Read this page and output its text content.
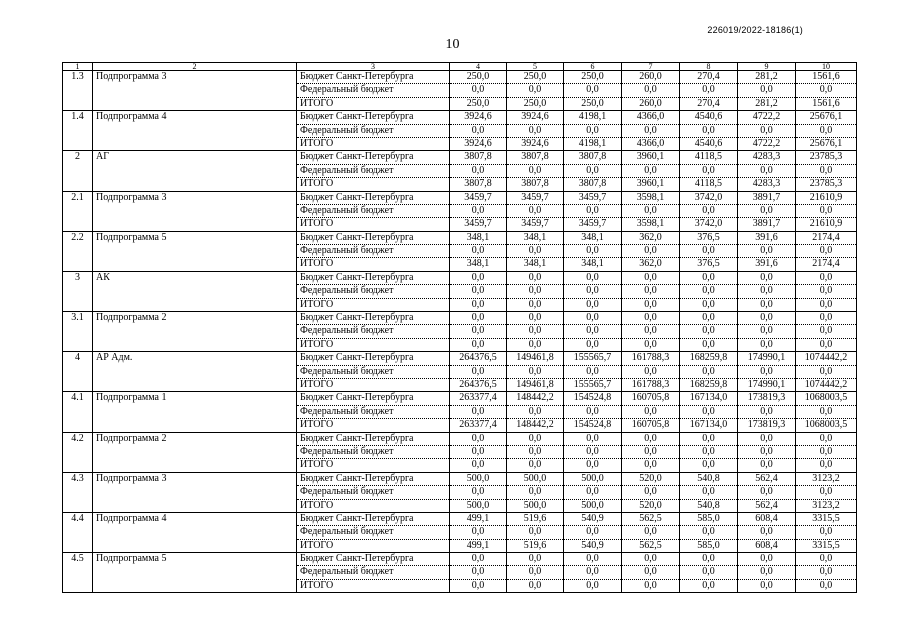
226019/2022-18186(1)
10
1	2	3	4	5	6	7	8	9	10
1.3	Подпрограмма 3	Бюджет Санкт-Петербурга	250,0	250,0	250,0	260,0	270,4	281,2	1561,6
		Федеральный бюджет	0,0	0,0	0,0	0,0	0,0	0,0	0,0
		ИТОГО	250,0	250,0	250,0	260,0	270,4	281,2	1561,6
1.4	Подпрограмма 4	Бюджет Санкт-Петербурга	3924,6	3924,6	4198,1	4366,0	4540,6	4722,2	25676,1
		Федеральный бюджет	0,0	0,0	0,0	0,0	0,0	0,0	0,0
		ИТОГО	3924,6	3924,6	4198,1	4366,0	4540,6	4722,2	25676,1
2	АГ	Бюджет Санкт-Петербурга	3807,8	3807,8	3807,8	3960,1	4118,5	4283,3	23785,3
		Федеральный бюджет	0,0	0,0	0,0	0,0	0,0	0,0	0,0
		ИТОГО	3807,8	3807,8	3807,8	3960,1	4118,5	4283,3	23785,3
2.1	Подпрограмма 3	Бюджет Санкт-Петербурга	3459,7	3459,7	3459,7	3598,1	3742,0	3891,7	21610,9
		Федеральный бюджет	0,0	0,0	0,0	0,0	0,0	0,0	0,0
		ИТОГО	3459,7	3459,7	3459,7	3598,1	3742,0	3891,7	21610,9
2.2	Подпрограмма 5	Бюджет Санкт-Петербурга	348,1	348,1	348,1	362,0	376,5	391,6	2174,4
		Федеральный бюджет	0,0	0,0	0,0	0,0	0,0	0,0	0,0
		ИТОГО	348,1	348,1	348,1	362,0	376,5	391,6	2174,4
3	АК	Бюджет Санкт-Петербурга	0,0	0,0	0,0	0,0	0,0	0,0	0,0
		Федеральный бюджет	0,0	0,0	0,0	0,0	0,0	0,0	0,0
		ИТОГО	0,0	0,0	0,0	0,0	0,0	0,0	0,0
3.1	Подпрограмма 2	Бюджет Санкт-Петербурга	0,0	0,0	0,0	0,0	0,0	0,0	0,0
		Федеральный бюджет	0,0	0,0	0,0	0,0	0,0	0,0	0,0
		ИТОГО	0,0	0,0	0,0	0,0	0,0	0,0	0,0
4	АР Адм.	Бюджет Санкт-Петербурга	264376,5	149461,8	155565,7	161788,3	168259,8	174990,1	1074442,2
		Федеральный бюджет	0,0	0,0	0,0	0,0	0,0	0,0	0,0
		ИТОГО	264376,5	149461,8	155565,7	161788,3	168259,8	174990,1	1074442,2
4.1	Подпрограмма 1	Бюджет Санкт-Петербурга	263377,4	148442,2	154524,8	160705,8	167134,0	173819,3	1068003,5
		Федеральный бюджет	0,0	0,0	0,0	0,0	0,0	0,0	0,0
		ИТОГО	263377,4	148442,2	154524,8	160705,8	167134,0	173819,3	1068003,5
4.2	Подпрограмма 2	Бюджет Санкт-Петербурга	0,0	0,0	0,0	0,0	0,0	0,0	0,0
		Федеральный бюджет	0,0	0,0	0,0	0,0	0,0	0,0	0,0
		ИТОГО	0,0	0,0	0,0	0,0	0,0	0,0	0,0
4.3	Подпрограмма 3	Бюджет Санкт-Петербурга	500,0	500,0	500,0	520,0	540,8	562,4	3123,2
		Федеральный бюджет	0,0	0,0	0,0	0,0	0,0	0,0	0,0
		ИТОГО	500,0	500,0	500,0	520,0	540,8	562,4	3123,2
4.4	Подпрограмма 4	Бюджет Санкт-Петербурга	499,1	519,6	540,9	562,5	585,0	608,4	3315,5
		Федеральный бюджет	0,0	0,0	0,0	0,0	0,0	0,0	0,0
		ИТОГО	499,1	519,6	540,9	562,5	585,0	608,4	3315,5
4.5	Подпрограмма 5	Бюджет Санкт-Петербурга	0,0	0,0	0,0	0,0	0,0	0,0	0,0
		Федеральный бюджет	0,0	0,0	0,0	0,0	0,0	0,0	0,0
		ИТОГО	0,0	0,0	0,0	0,0	0,0	0,0	0,0
